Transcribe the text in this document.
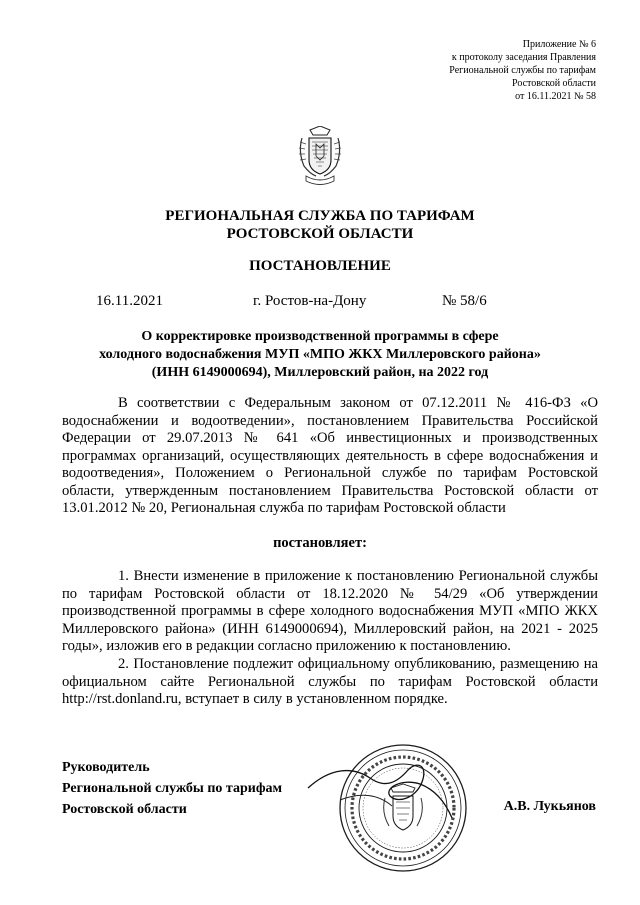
Приложение № 6
к протоколу заседания Правления
Региональной службы по тарифам
Ростовской области
от 16.11.2021 № 58
РЕГИОНАЛЬНАЯ СЛУЖБА ПО ТАРИФАМ
РОСТОВСКОЙ ОБЛАСТИ
ПОСТАНОВЛЕНИЕ
16.11.2021	г. Ростов-на-Дону	№ 58/6
О корректировке производственной программы в сфере
холодного водоснабжения МУП «МПО ЖКХ Миллеровского района»
(ИНН 6149000694), Миллеровский район, на 2022 год
В соответствии с Федеральным законом от 07.12.2011 № 416-ФЗ «О водоснабжении и водоотведении», постановлением Правительства Российской Федерации от 29.07.2013 № 641 «Об инвестиционных и производственных программах организаций, осуществляющих деятельность в сфере водоснабжения и водоотведения», Положением о Региональной службе по тарифам Ростовской области, утвержденным постановлением Правительства Ростовской области от 13.01.2012 № 20, Региональная служба по тарифам Ростовской области
постановляет:
1. Внести изменение в приложение к постановлению Региональной службы по тарифам Ростовской области от 18.12.2020 № 54/29 «Об утверждении производственной программы в сфере холодного водоснабжения МУП «МПО ЖКХ Миллеровского района» (ИНН 6149000694), Миллеровский район, на 2021 - 2025 годы», изложив его в редакции согласно приложению к постановлению.
2. Постановление подлежит официальному опубликованию, размещению на официальном сайте Региональной службы по тарифам Ростовской области http://rst.donland.ru, вступает в силу в установленном порядке.
Руководитель
Региональной службы по тарифам
Ростовской области	А.В. Лукьянов
